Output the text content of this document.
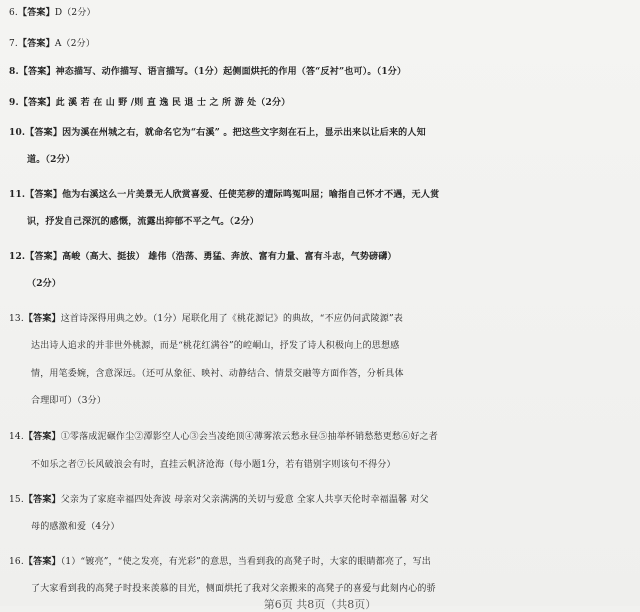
6.【答案】D（2分）
7.【答案】A（2分）
8.【答案】神态描写、动作描写、语言描写。（1分）起侧面烘托的作用（答“反衬”也可）。（1分）
9.【答案】此 溪 若 在 山 野 /则 直 逸 民 退 士 之 所 游 处（2分）
10.【答案】因为溪在州城之右，就命名它为“右溪” 。把这些文字刻在石上，显示出来以让后来的人知
道。（2分）
11.【答案】他为右溪这么一片美景无人欣赏喜爱、任使芜秽的遭际鸣冤叫屈；喻指自己怀才不遇，无人赏
识，抒发自己深沉的感慨，流露出抑郁不平之气。（2分）
12.【答案】高峻（高大、挺拔） 雄伟（浩荡、勇猛、奔放、富有力量、富有斗志，气势磅礴）
（2分）
13.【答案】这首诗深得用典之妙。（1分）尾联化用了《桃花源记》的典故，“不应仍问武陵源”表
达出诗人追求的并非世外桃源，而是“桃花红满谷”的崆峒山，抒发了诗人积极向上的思想感
情，用笔委婉，含意深远。（还可从象征、映衬、动静结合、情景交融等方面作答，分析具体
合理即可）（3分）
14.【答案】①零落成泥碾作尘②潭影空人心③会当凌绝顶④薄雾浓云愁永昼⑤抽举杯销愁愁更愁⑥好之者
不如乐之者⑦长风破浪会有时，直挂云帆济沧海（每小题1分，若有错别字则该句不得分）
15.【答案】父亲为了家庭幸福四处奔波 母亲对父亲满满的关切与爱意 全家人共享天伦时幸福温馨 对父
母的感激和爱（4分）
16.【答案】（1）“镀亮”，“使之发亮，有光彩”的意思，当看到我的高凳子时，大家的眼睛都亮了，写出
了大家看到我的高凳子时投来羡慕的目光，侧面烘托了我对父亲搬来的高凳子的喜爱与此刻内心的骄
第6页 共8页（共8页）
